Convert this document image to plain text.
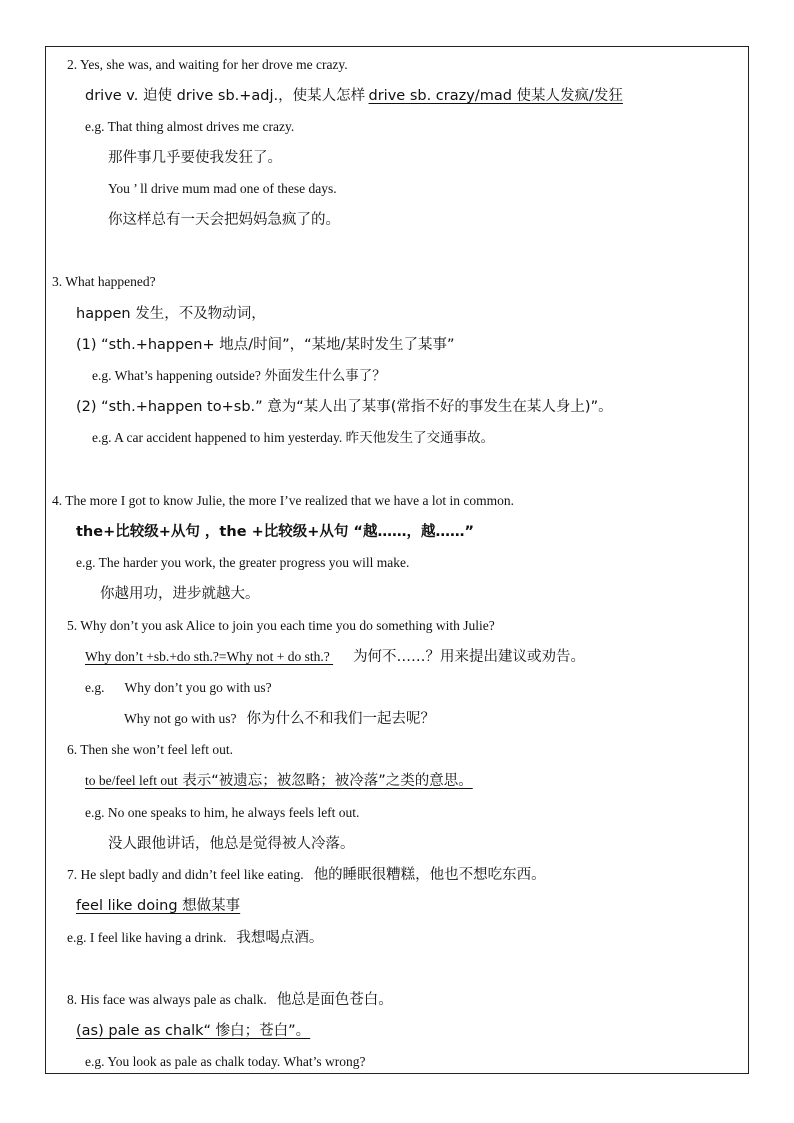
2. Yes, she was, and waiting for her drove me crazy.
drive v. 迫使 drive sb.+adj.，使某人怎样 drive sb. crazy/mad 使某人发疯/发狂
e.g. That thing almost drives me crazy.
那件事几乎要使我发狂了。
You ’ ll drive mum mad one of these days.
你这样总有一天会把妈妈急疯了的。
3. What happened?
happen 发生，不及物动词，
(1) “sth.+happen+ 地点/时间”，“某地/某时发生了某事”
e.g. What’s happening outside? 外面发生什么事了？
(2) “sth.+happen to+sb.” 意为“某人出了某事(常指不好的事发生在某人身上)”。
e.g. A car accident happened to him yesterday. 昨天他发生了交通事故。
4. The more I got to know Julie, the more I’ve realized that we have a lot in common.
the+比较级+从句 ，the +比较级+从句 “越……，越……”
e.g. The harder you work, the greater progress you will make.
你越用功，进步就越大。
5. Why don’t you ask Alice to join you each time you do something with Julie?
Why don’t +sb.+do sth.?=Why not + do sth.? 为何不……？用来提出建议或劝告。
e.g. Why don’t you go with us?
Why not go with us? 你为什么不和我们一起去呢？
6. Then she won’t feel left out.
to be/feel left out 表示“被遗忘；被忽略；被冷落”之类的意思。
e.g. No one speaks to him, he always feels left out.
没人跟他讲话，他总是觉得被人冷落。
7. He slept badly and didn’t feel like eating. 他的睡眠很糟糕，他也不想吃东西。
feel like doing 想做某事
e.g. I feel like having a drink. 我想喝点酒。
8. His face was always pale as chalk. 他总是面色苍白。
(as) pale as chalk“ 惨白；苍白”。
e.g. You look as pale as chalk today. What’s wrong?
